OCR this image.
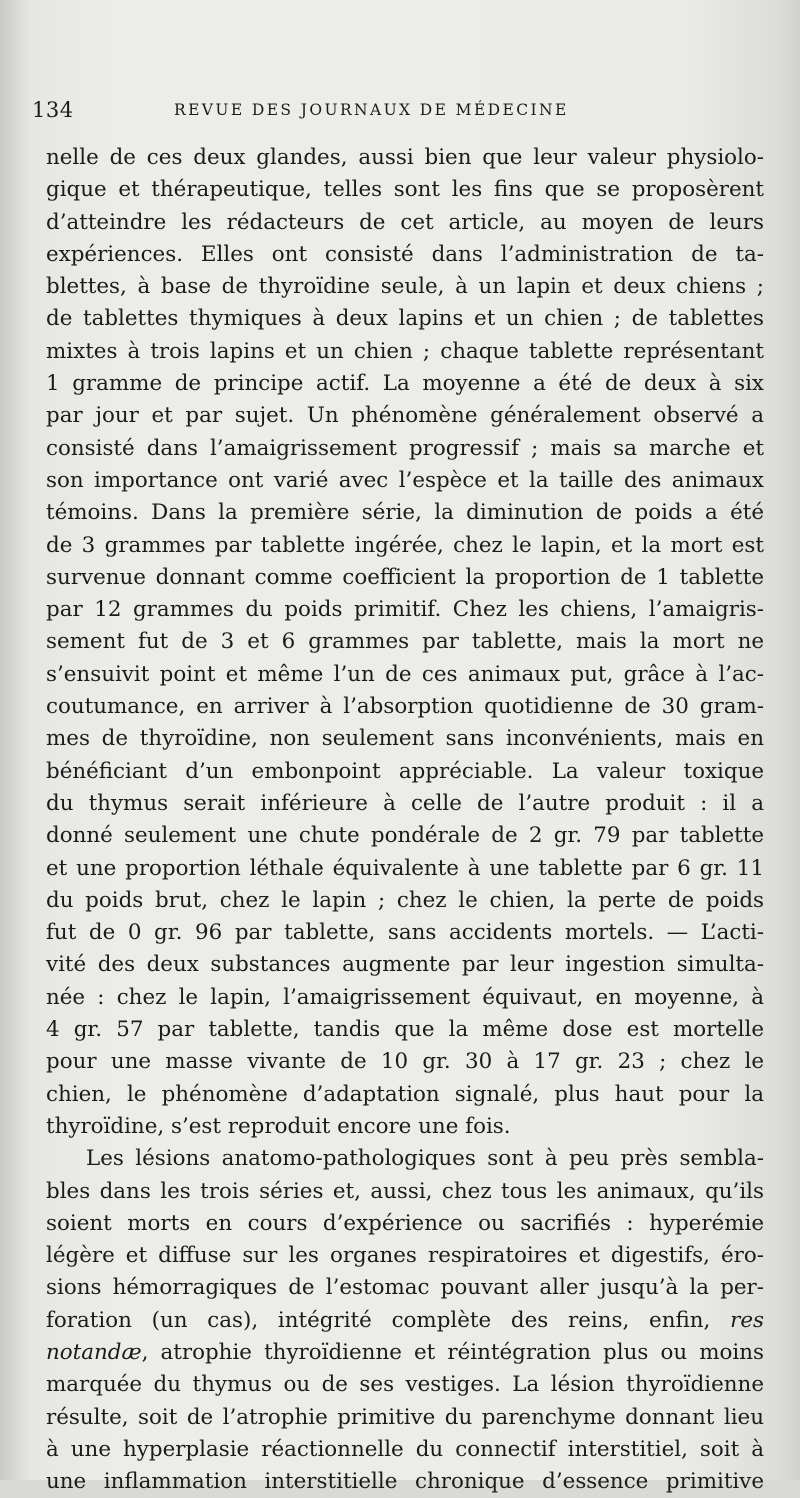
134	REVUE DES JOURNAUX DE MÉDECINE
nelle de ces deux glandes, aussi bien que leur valeur physiolo-
gique et thérapeutique, telles sont les fins que se proposèrent
d’atteindre les rédacteurs de cet article, au moyen de leurs
expériences. Elles ont consisté dans l’administration de ta-
blettes, à base de thyroïdine seule, à un lapin et deux chiens ;
de tablettes thymiques à deux lapins et un chien ; de tablettes
mixtes à trois lapins et un chien ; chaque tablette représentant
1 gramme de principe actif. La moyenne a été de deux à six
par jour et par sujet. Un phénomène généralement observé a
consisté dans l’amaigrissement progressif ; mais sa marche et
son importance ont varié avec l’espèce et la taille des animaux
témoins. Dans la première série, la diminution de poids a été
de 3 grammes par tablette ingérée, chez le lapin, et la mort est
survenue donnant comme coefficient la proportion de 1 tablette
par 12 grammes du poids primitif. Chez les chiens, l’amaigris-
sement fut de 3 et 6 grammes par tablette, mais la mort ne
s’ensuivit point et même l’un de ces animaux put, grâce à l’ac-
coutumance, en arriver à l’absorption quotidienne de 30 gram-
mes de thyroïdine, non seulement sans inconvénients, mais en
bénéficiant d’un embonpoint appréciable. La valeur toxique
du thymus serait inférieure à celle de l’autre produit : il a
donné seulement une chute pondérale de 2 gr. 79 par tablette
et une proportion léthale équivalente à une tablette par 6 gr. 11
du poids brut, chez le lapin ; chez le chien, la perte de poids
fut de 0 gr. 96 par tablette, sans accidents mortels. — L’acti-
vité des deux substances augmente par leur ingestion simulta-
née : chez le lapin, l’amaigrissement équivaut, en moyenne, à
4 gr. 57 par tablette, tandis que la même dose est mortelle
pour une masse vivante de 10 gr. 30 à 17 gr. 23 ; chez le
chien, le phénomène d’adaptation signalé, plus haut pour la
thyroïdine, s’est reproduit encore une fois.
Les lésions anatomo-pathologiques sont à peu près sembla-
bles dans les trois séries et, aussi, chez tous les animaux, qu’ils
soient morts en cours d’expérience ou sacrifiés : hyperémie
légère et diffuse sur les organes respiratoires et digestifs, éro-
sions hémorragiques de l’estomac pouvant aller jusqu’à la per-
foration (un cas), intégrité complète des reins, enfin, res
notandæ, atrophie thyroïdienne et réintégration plus ou moins
marquée du thymus ou de ses vestiges. La lésion thyroïdienne
résulte, soit de l’atrophie primitive du parenchyme donnant lieu
à une hyperplasie réactionnelle du connectif interstitiel, soit à
une inflammation interstitielle chronique d’essence primitive
